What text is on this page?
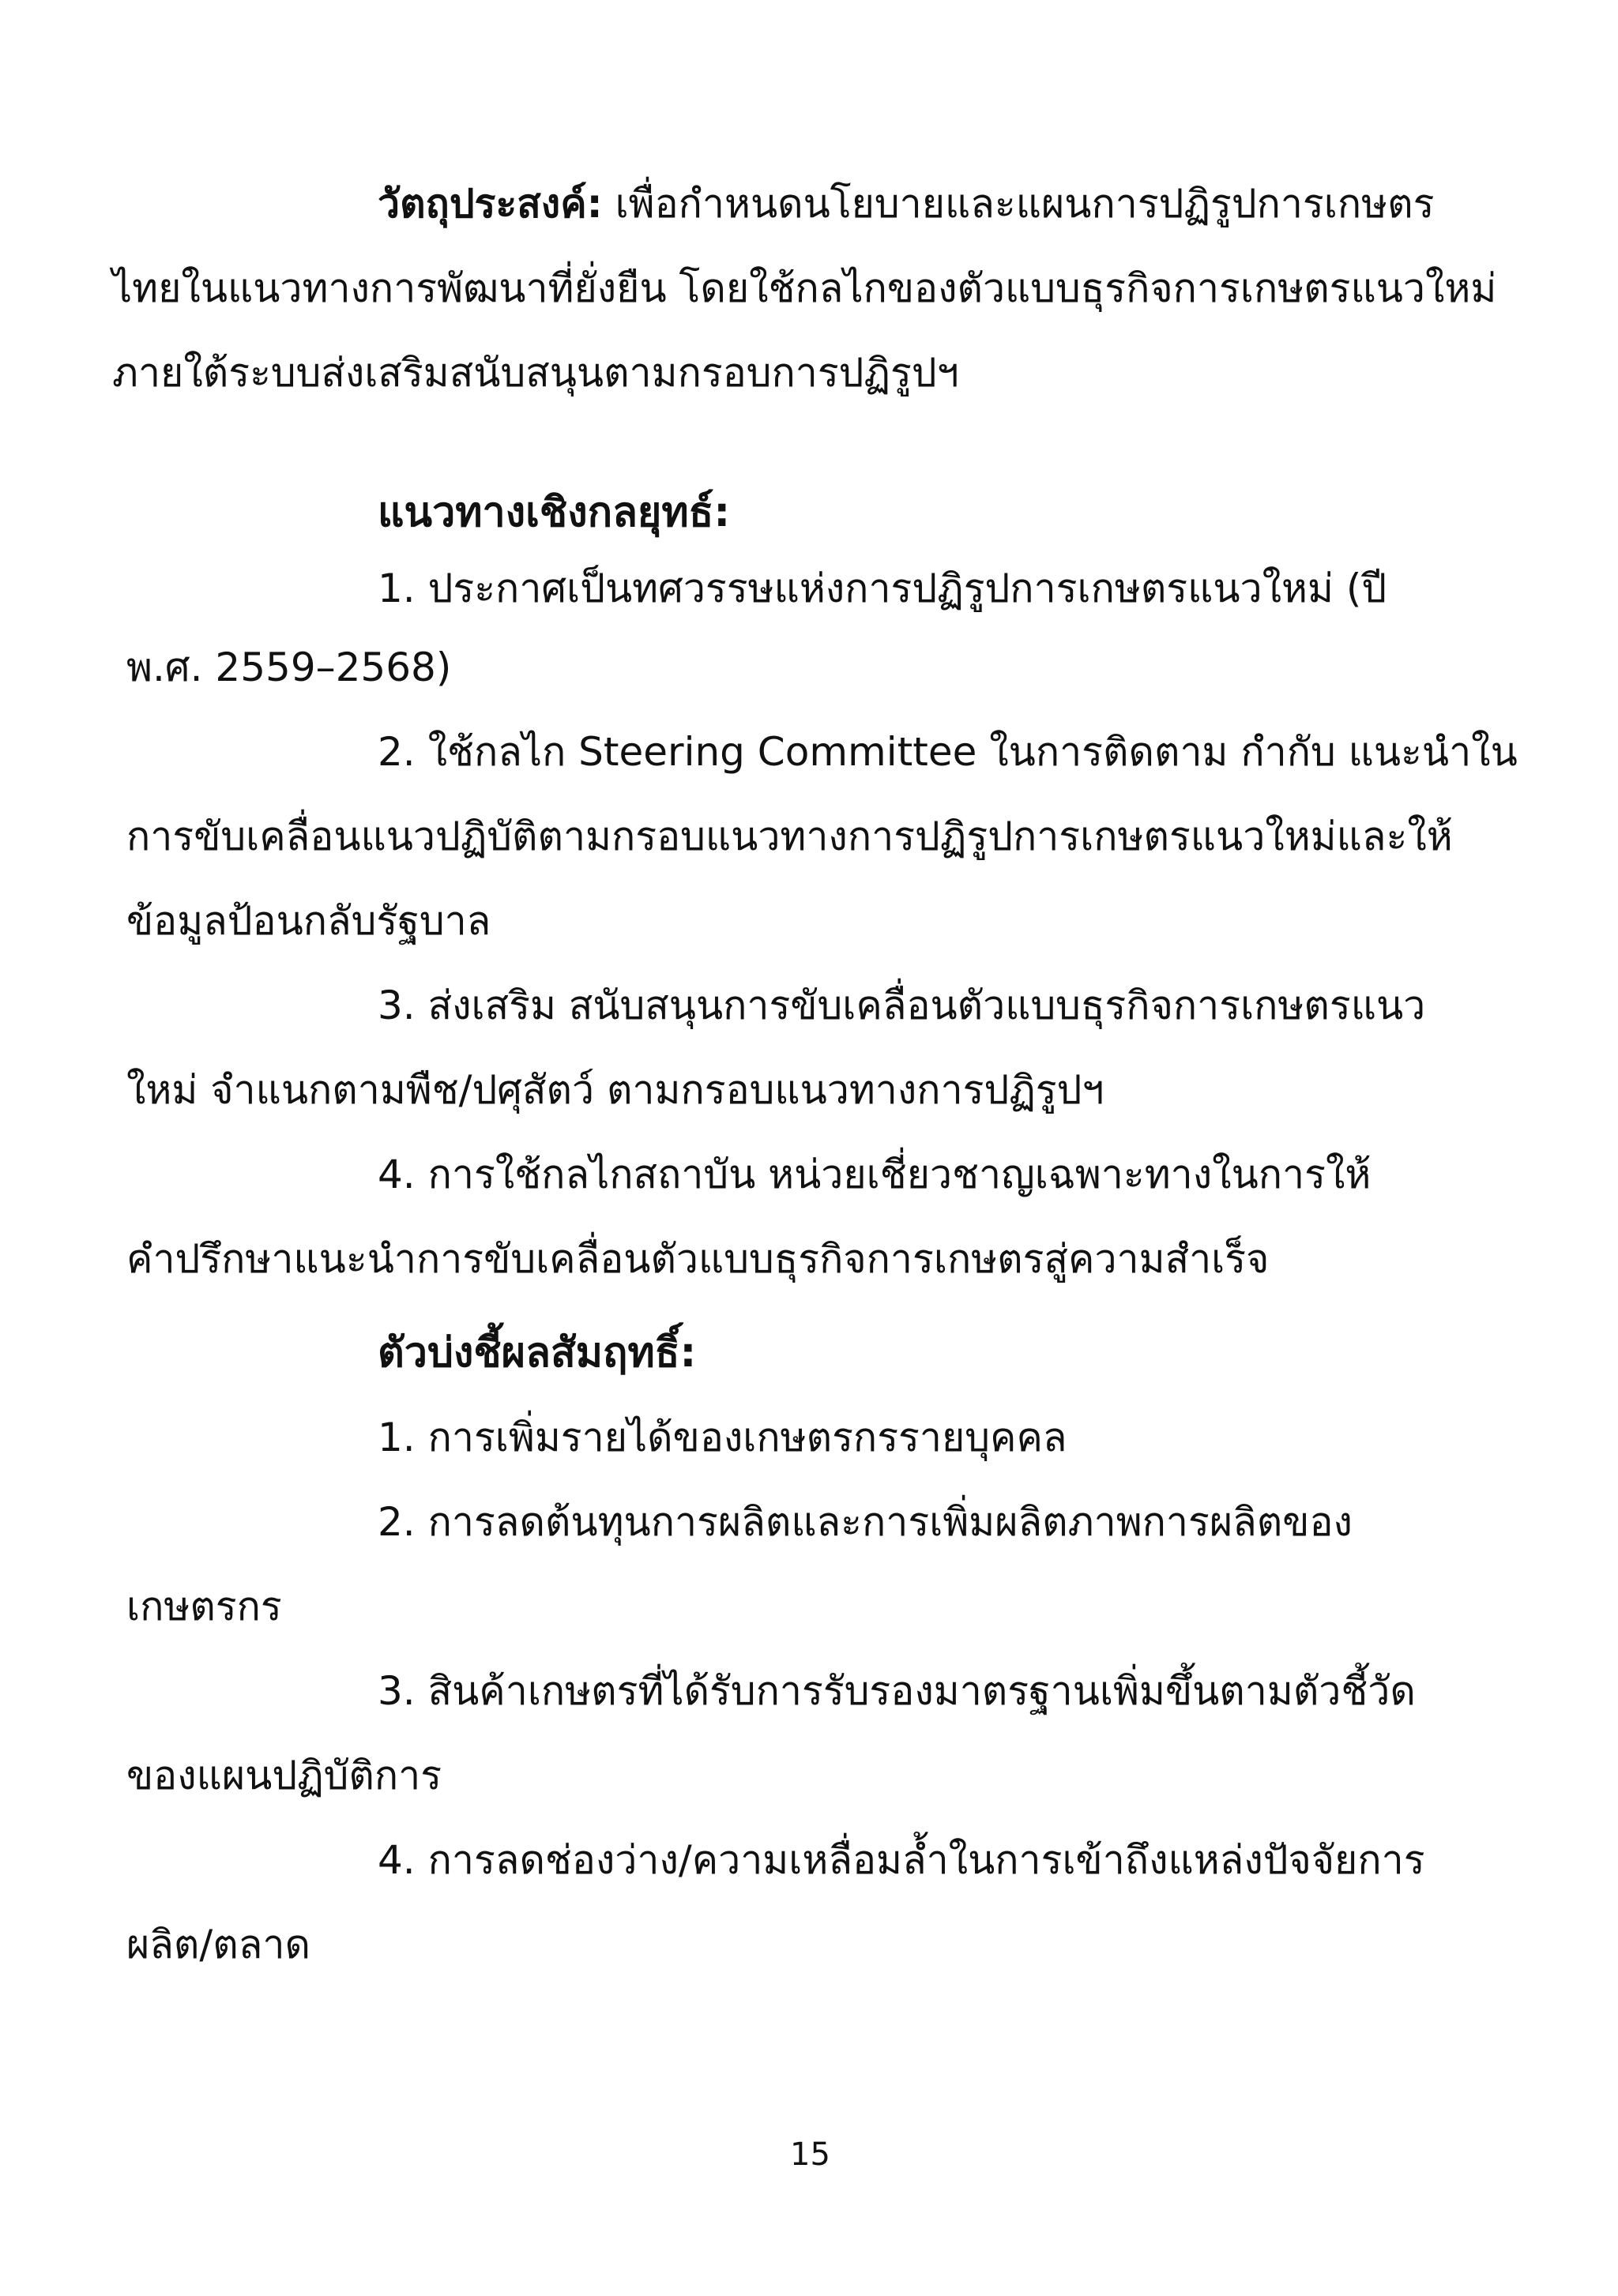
วัตถุประสงค์: เพื่อกำหนดนโยบายและแผนการปฏิรูปการเกษตร
ไทยในแนวทางการพัฒนาที่ยั่งยืน โดยใช้กลไกของตัวแบบธุรกิจการเกษตรแนวใหม่
ภายใต้ระบบส่งเสริมสนับสนุนตามกรอบการปฏิรูปฯ
แนวทางเชิงกลยุทธ์:
1. ประกาศเป็นทศวรรษแห่งการปฏิรูปการเกษตรแนวใหม่ (ปี
พ.ศ. 2559–2568)
2. ใช้กลไก Steering Committee ในการติดตาม กำกับ แนะนำใน
การขับเคลื่อนแนวปฏิบัติตามกรอบแนวทางการปฏิรูปการเกษตรแนวใหม่และให้
ข้อมูลป้อนกลับรัฐบาล
3. ส่งเสริม สนับสนุนการขับเคลื่อนตัวแบบธุรกิจการเกษตรแนว
ใหม่ จำแนกตามพืช/ปศุสัตว์ ตามกรอบแนวทางการปฏิรูปฯ
4. การใช้กลไกสถาบัน หน่วยเชี่ยวชาญเฉพาะทางในการให้
คำปรึกษาแนะนำการขับเคลื่อนตัวแบบธุรกิจการเกษตรสู่ความสำเร็จ
ตัวบ่งชี้ผลสัมฤทธิ์:
1. การเพิ่มรายได้ของเกษตรกรรายบุคคล
2. การลดต้นทุนการผลิตและการเพิ่มผลิตภาพการผลิตของ
เกษตรกร
3. สินค้าเกษตรที่ได้รับการรับรองมาตรฐานเพิ่มขึ้นตามตัวชี้วัด
ของแผนปฏิบัติการ
4. การลดช่องว่าง/ความเหลื่อมล้ำในการเข้าถึงแหล่งปัจจัยการ
ผลิต/ตลาด
15
